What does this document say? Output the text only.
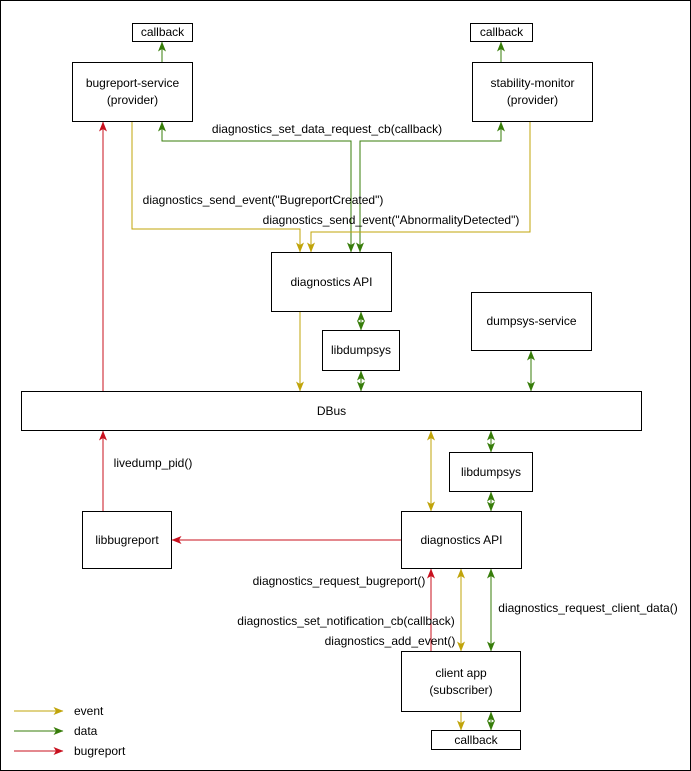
callback	callback
bugreport-service
(provider)
stability-monitor
(provider)
diagnostics API
dumpsys-service
libdumpsys
DBus
libdumpsys
libbugreport	diagnostics API
client app
(subscriber)
callback
diagnostics_set_data_request_cb(callback)
diagnostics_send_event("BugreportCreated")
diagnostics_send_event("AbnormalityDetected")
livedump_pid()
diagnostics_request_bugreport()
diagnostics_request_client_data()
diagnostics_set_notification_cb(callback)
diagnostics_add_event()
event
data
bugreport
